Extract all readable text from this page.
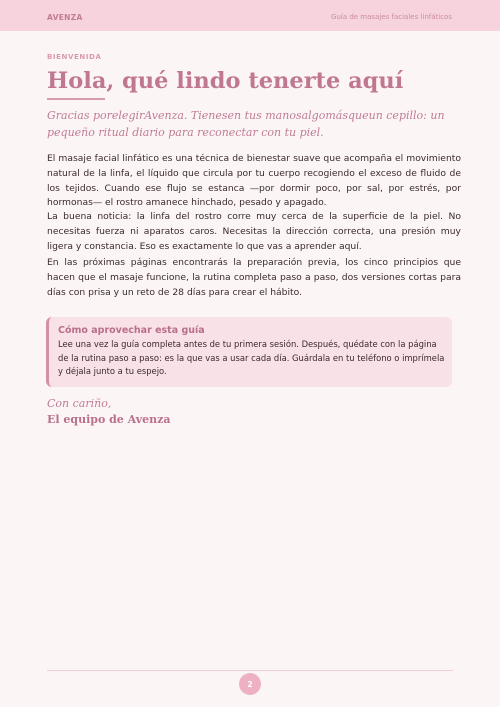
AVENZA	Guía de masajes faciales linfáticos
BIENVENIDA
Hola, qué lindo tenerte aquí

Gracias porelegirAvenza. Tienesen tus manosalgomásqueun cepillo: un pequeño ritual diario para reconectar con tu piel.

El masaje facial linfático es una técnica de bienestar suave que acompaña el movimiento natural de la linfa, el líquido que circula por tu cuerpo recogiendo el exceso de fluido de los tejidos. Cuando ese flujo se estanca —por dormir poco, por sal, por estrés, por hormonas— el rostro amanece hinchado, pesado y apagado.

La buena noticia: la linfa del rostro corre muy cerca de la superficie de la piel. No necesitas fuerza ni aparatos caros. Necesitas la dirección correcta, una presión muy ligera y constancia. Eso es exactamente lo que vas a aprender aquí.

En las próximas páginas encontrarás la preparación previa, los cinco principios que hacen que el masaje funcione, la rutina completa paso a paso, dos versiones cortas para días con prisa y un reto de 28 días para crear el hábito.

Cómo aprovechar esta guía

Lee una vez la guía completa antes de tu primera sesión. Después, quédate con la página de la rutina paso a paso: es la que vas a usar cada día. Guárdala en tu teléfono o imprímela y déjala junto a tu espejo.

Con cariño,
El equipo de Avenza
2
